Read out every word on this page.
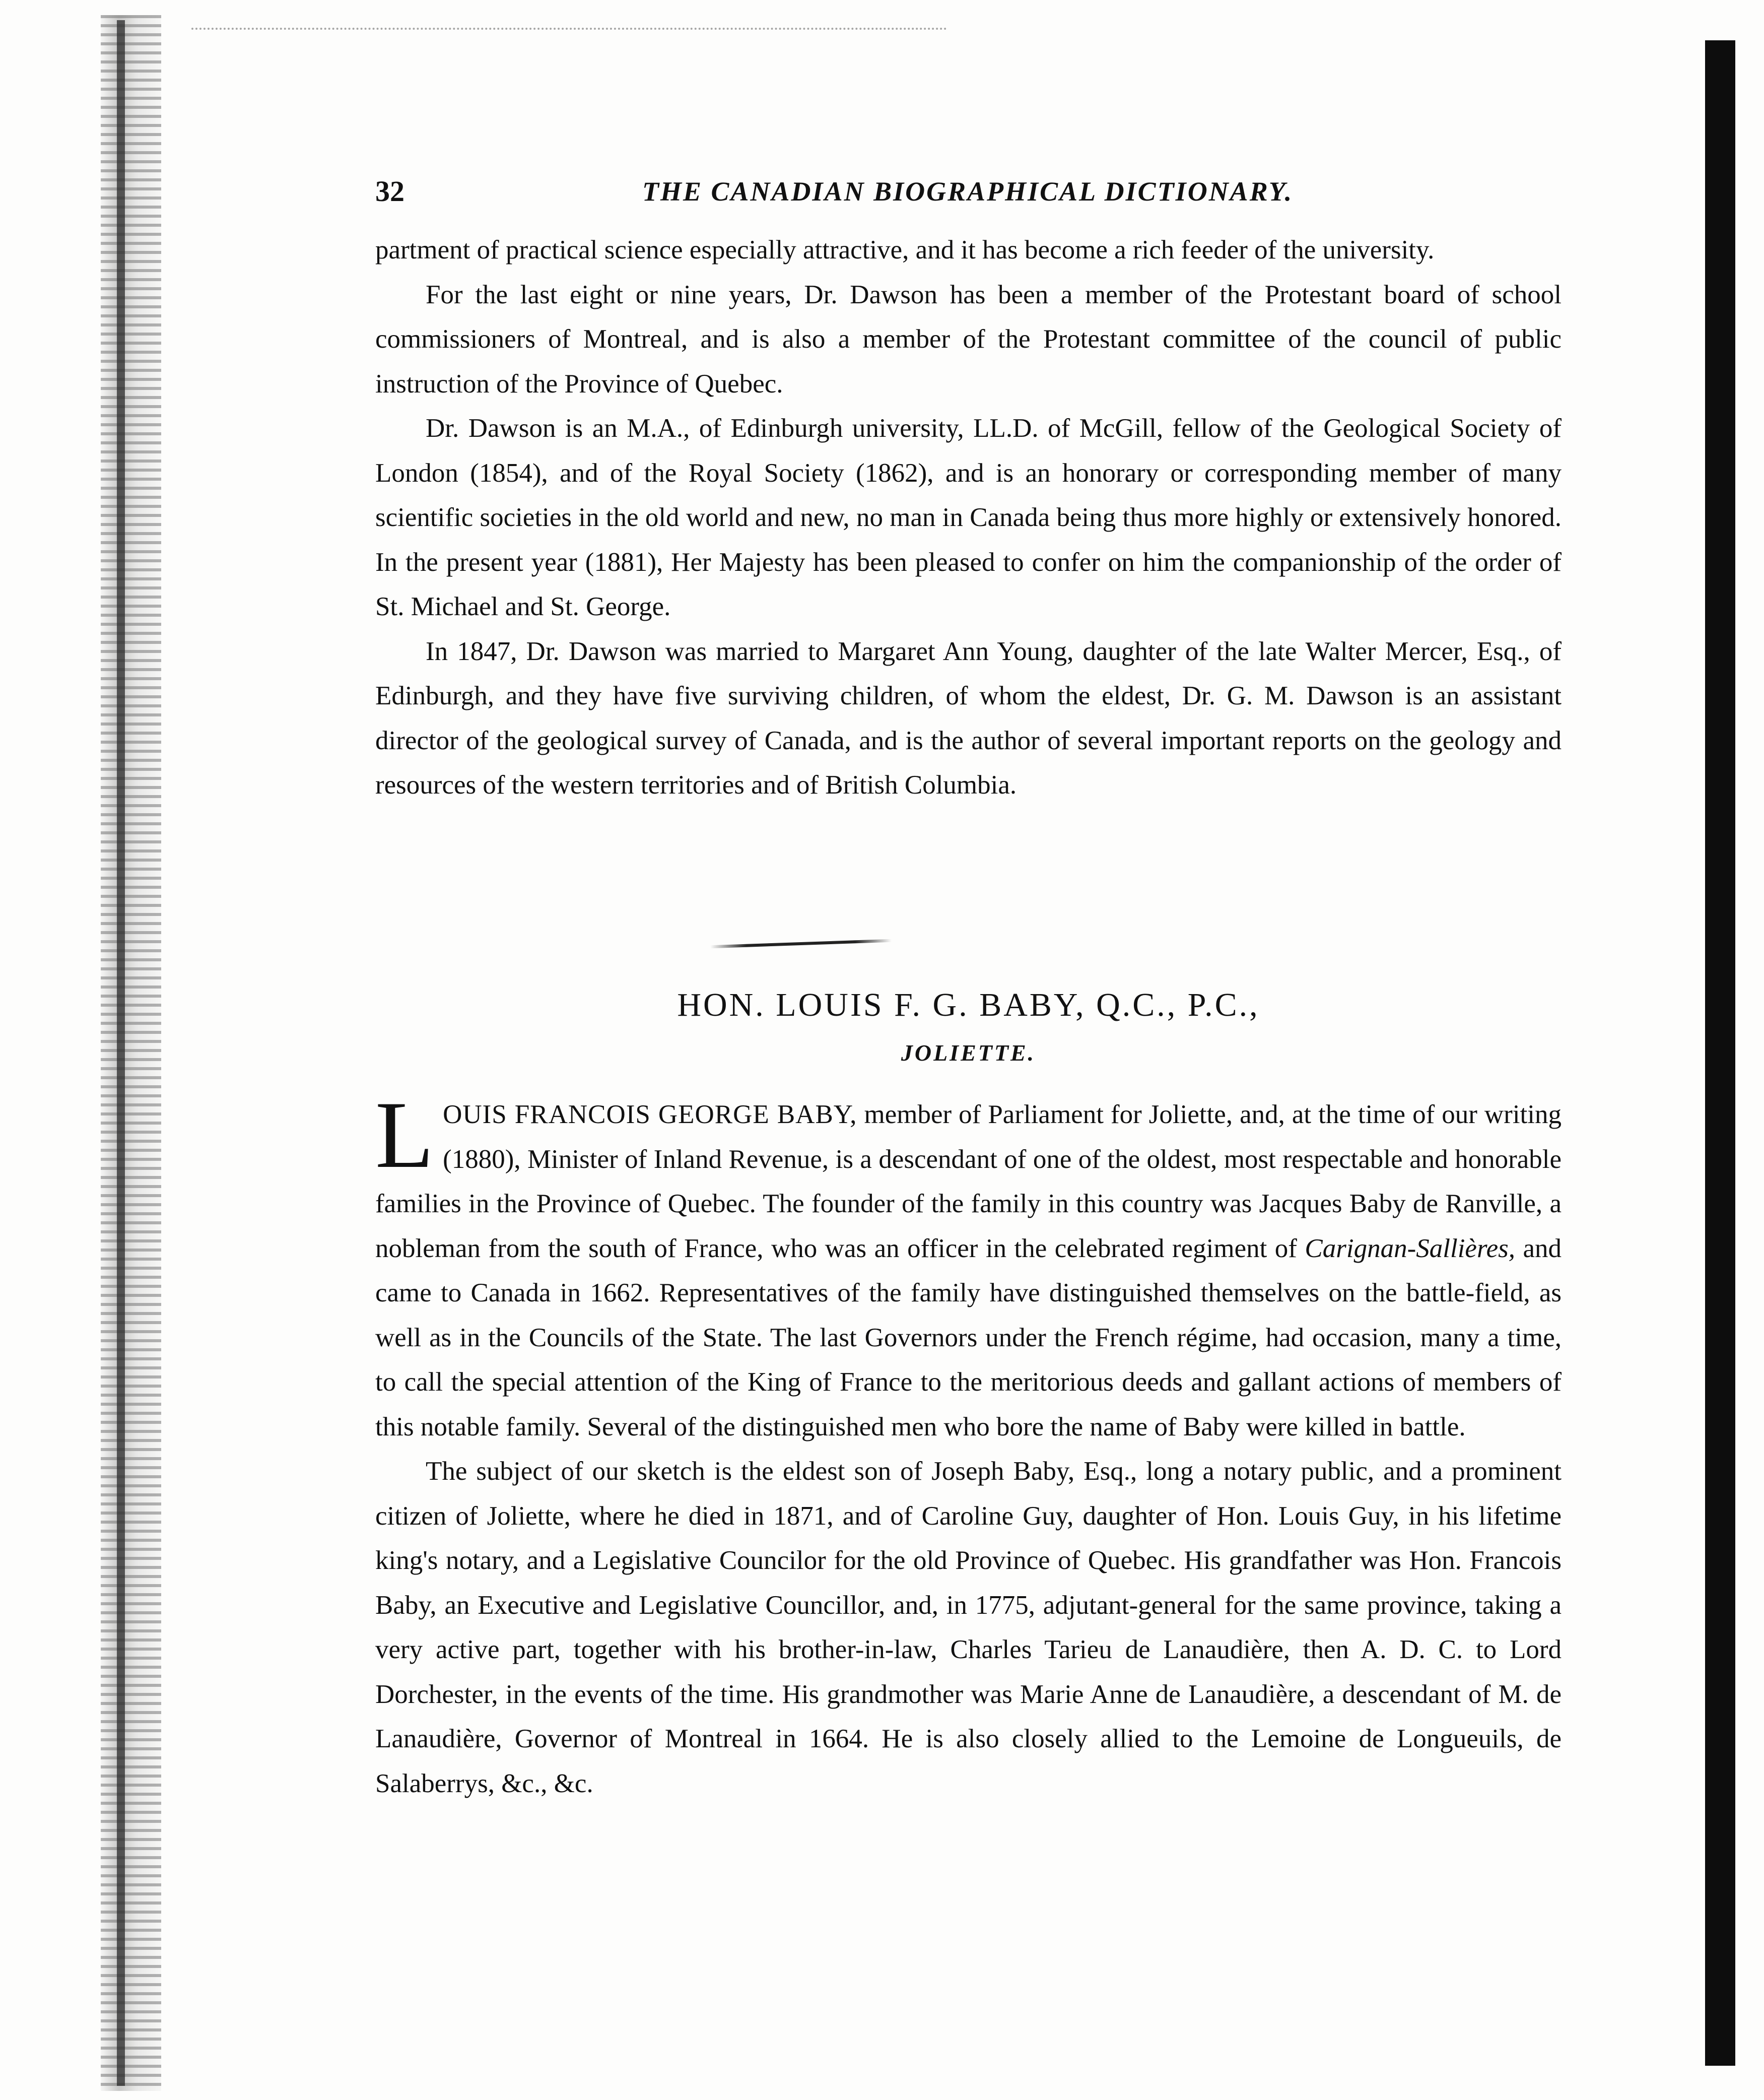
32	THE CANADIAN BIOGRAPHICAL DICTIONARY.

partment of practical science especially attractive, and it has become a rich feeder of the university.

For the last eight or nine years, Dr. Dawson has been a member of the Protestant board of school commissioners of Montreal, and is also a member of the Protestant committee of the council of public instruction of the Province of Quebec.

Dr. Dawson is an M.A., of Edinburgh university, LL.D. of McGill, fellow of the Geological Society of London (1854), and of the Royal Society (1862), and is an honorary or corresponding member of many scientific societies in the old world and new, no man in Canada being thus more highly or extensively honored. In the present year (1881), Her Majesty has been pleased to confer on him the companionship of the order of St. Michael and St. George.

In 1847, Dr. Dawson was married to Margaret Ann Young, daughter of the late Walter Mercer, Esq., of Edinburgh, and they have five surviving children, of whom the eldest, Dr. G. M. Dawson is an assistant director of the geological survey of Canada, and is the author of several important reports on the geology and resources of the western territories and of British Columbia.

HON. LOUIS F. G. BABY, Q.C., P.C.,
JOLIETTE.

LOUIS FRANCOIS GEORGE BABY, member of Parliament for Joliette, and, at the time of our writing (1880), Minister of Inland Revenue, is a descendant of one of the oldest, most respectable and honorable families in the Province of Quebec. The founder of the family in this country was Jacques Baby de Ranville, a nobleman from the south of France, who was an officer in the celebrated regiment of Carignan-Sallières, and came to Canada in 1662. Representatives of the family have distinguished themselves on the battle-field, as well as in the Councils of the State. The last Governors under the French régime, had occasion, many a time, to call the special attention of the King of France to the meritorious deeds and gallant actions of members of this notable family. Several of the distinguished men who bore the name of Baby were killed in battle.

The subject of our sketch is the eldest son of Joseph Baby, Esq., long a notary public, and a prominent citizen of Joliette, where he died in 1871, and of Caroline Guy, daughter of Hon. Louis Guy, in his lifetime king's notary, and a Legislative Councilor for the old Province of Quebec. His grandfather was Hon. Francois Baby, an Executive and Legislative Councillor, and, in 1775, adjutant-general for the same province, taking a very active part, together with his brother-in-law, Charles Tarieu de Lanaudière, then A. D. C. to Lord Dorchester, in the events of the time. His grandmother was Marie Anne de Lanaudière, a descendant of M. de Lanaudière, Governor of Montreal in 1664. He is also closely allied to the Lemoine de Longueuils, de Salaberrys, &c., &c.
